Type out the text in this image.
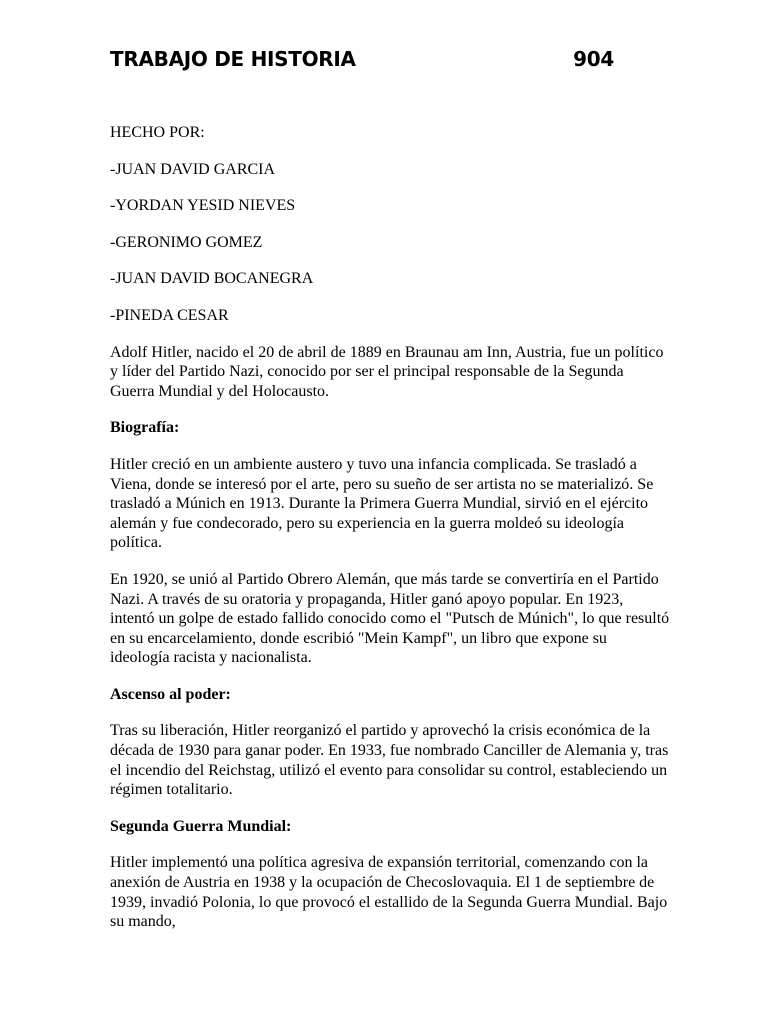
TRABAJO DE HISTORIA	904

HECHO POR:

-JUAN DAVID GARCIA

-YORDAN YESID NIEVES

-GERONIMO GOMEZ

-JUAN DAVID BOCANEGRA

-PINEDA CESAR

Adolf Hitler, nacido el 20 de abril de 1889 en Braunau am Inn, Austria, fue un político y líder del Partido Nazi, conocido por ser el principal responsable de la Segunda Guerra Mundial y del Holocausto.

Biografía:

Hitler creció en un ambiente austero y tuvo una infancia complicada. Se trasladó a Viena, donde se interesó por el arte, pero su sueño de ser artista no se materializó. Se trasladó a Múnich en 1913. Durante la Primera Guerra Mundial, sirvió en el ejército alemán y fue condecorado, pero su experiencia en la guerra moldeó su ideología política.

En 1920, se unió al Partido Obrero Alemán, que más tarde se convertiría en el Partido Nazi. A través de su oratoria y propaganda, Hitler ganó apoyo popular. En 1923, intentó un golpe de estado fallido conocido como el "Putsch de Múnich", lo que resultó en su encarcelamiento, donde escribió "Mein Kampf", un libro que expone su ideología racista y nacionalista.

Ascenso al poder:

Tras su liberación, Hitler reorganizó el partido y aprovechó la crisis económica de la década de 1930 para ganar poder. En 1933, fue nombrado Canciller de Alemania y, tras el incendio del Reichstag, utilizó el evento para consolidar su control, estableciendo un régimen totalitario.

Segunda Guerra Mundial:

Hitler implementó una política agresiva de expansión territorial, comenzando con la anexión de Austria en 1938 y la ocupación de Checoslovaquia. El 1 de septiembre de 1939, invadió Polonia, lo que provocó el estallido de la Segunda Guerra Mundial. Bajo su mando,
